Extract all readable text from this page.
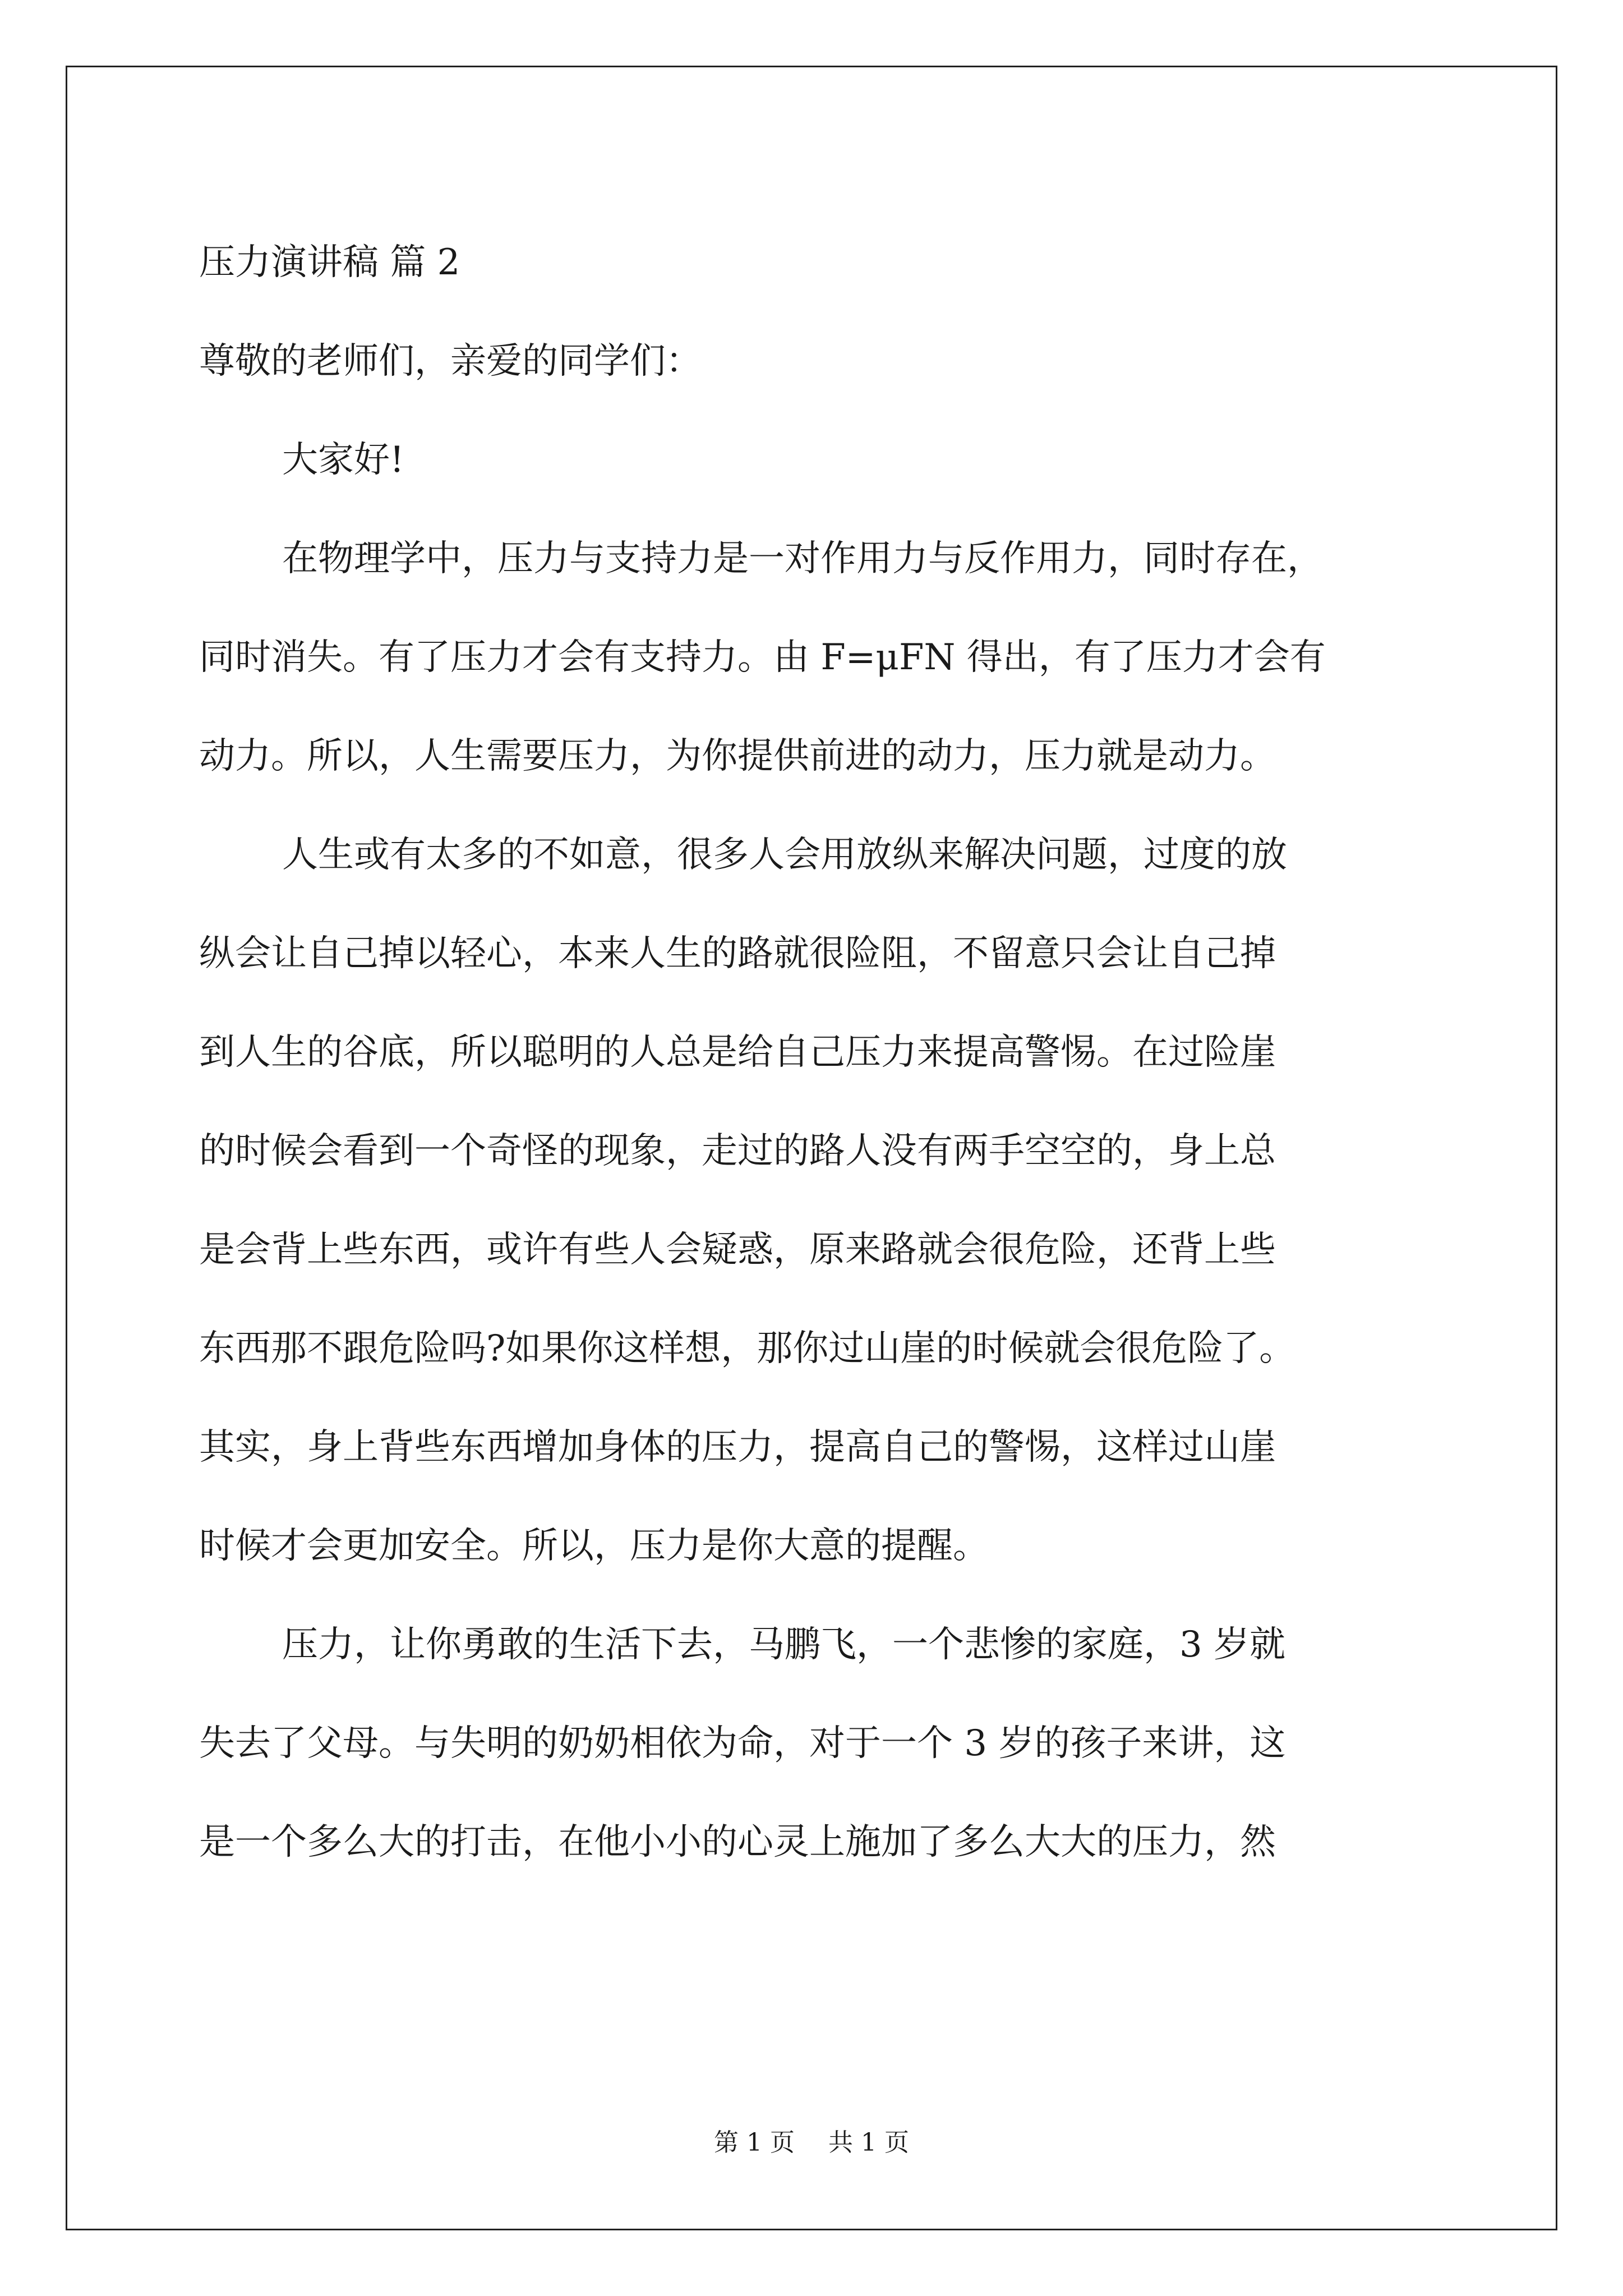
压力演讲稿 篇 2

尊敬的老师们，亲爱的同学们：

大家好!

在物理学中，压力与支持力是一对作用力与反作用力，同时存在，

同时消失。有了压力才会有支持力。由 F=μFN 得出，有了压力才会有

动力。所以，人生需要压力，为你提供前进的动力，压力就是动力。

人生或有太多的不如意，很多人会用放纵来解决问题，过度的放

纵会让自己掉以轻心，本来人生的路就很险阻，不留意只会让自己掉

到人生的谷底，所以聪明的人总是给自己压力来提高警惕。在过险崖

的时候会看到一个奇怪的现象，走过的路人没有两手空空的，身上总

是会背上些东西，或许有些人会疑惑，原来路就会很危险，还背上些

东西那不跟危险吗?如果你这样想，那你过山崖的时候就会很危险了。

其实，身上背些东西增加身体的压力，提高自己的警惕，这样过山崖

时候才会更加安全。所以，压力是你大意的提醒。

压力，让你勇敢的生活下去，马鹏飞，一个悲惨的家庭，3 岁就

失去了父母。与失明的奶奶相依为命，对于一个 3 岁的孩子来讲，这

是一个多么大的打击，在他小小的心灵上施加了多么大大的压力，然

第 1 页 共 1 页
